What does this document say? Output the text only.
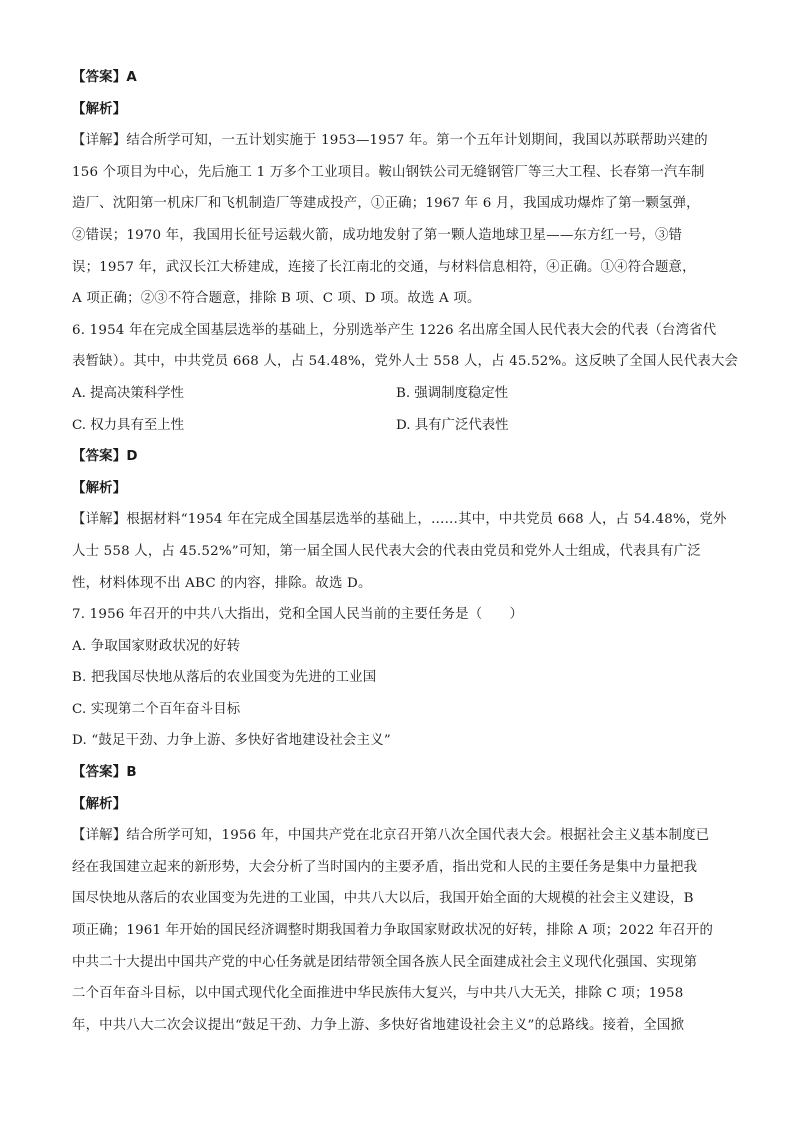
【答案】A
【解析】
【详解】结合所学可知，一五计划实施于 1953—1957 年。第一个五年计划期间，我国以苏联帮助兴建的
156 个项目为中心，先后施工 1 万多个工业项目。鞍山钢铁公司无缝钢管厂等三大工程、长春第一汽车制
造厂、沈阳第一机床厂和飞机制造厂等建成投产，①正确；1967 年 6 月，我国成功爆炸了第一颗氢弹，
②错误；1970 年，我国用长征号运载火箭，成功地发射了第一颗人造地球卫星——东方红一号，③错
误；1957 年，武汉长江大桥建成，连接了长江南北的交通，与材料信息相符，④正确。①④符合题意，
A 项正确；②③不符合题意，排除 B 项、C 项、D 项。故选 A 项。
6. 1954 年在完成全国基层选举的基础上，分别选举产生 1226 名出席全国人民代表大会的代表（台湾省代
表暂缺）。其中，中共党员 668 人，占 54.48%，党外人士 558 人，占 45.52%。这反映了全国人民代表大会
A. 提高决策科学性	B. 强调制度稳定性
C. 权力具有至上性	D. 具有广泛代表性
【答案】D
【解析】
【详解】根据材料“1954 年在完成全国基层选举的基础上，……其中，中共党员 668 人，占 54.48%，党外
人士 558 人，占 45.52%”可知，第一届全国人民代表大会的代表由党员和党外人士组成，代表具有广泛
性，材料体现不出 ABC 的内容，排除。故选 D。
7. 1956 年召开的中共八大指出，党和全国人民当前的主要任务是（　　）
A. 争取国家财政状况的好转
B. 把我国尽快地从落后的农业国变为先进的工业国
C. 实现第二个百年奋斗目标
D. “鼓足干劲、力争上游、多快好省地建设社会主义”
【答案】B
【解析】
【详解】结合所学可知，1956 年，中国共产党在北京召开第八次全国代表大会。根据社会主义基本制度已
经在我国建立起来的新形势，大会分析了当时国内的主要矛盾，指出党和人民的主要任务是集中力量把我
国尽快地从落后的农业国变为先进的工业国，中共八大以后，我国开始全面的大规模的社会主义建设，B
项正确；1961 年开始的国民经济调整时期我国着力争取国家财政状况的好转，排除 A 项；2022 年召开的
中共二十大提出中国共产党的中心任务就是团结带领全国各族人民全面建成社会主义现代化强国、实现第
二个百年奋斗目标，以中国式现代化全面推进中华民族伟大复兴，与中共八大无关，排除 C 项；1958
年，中共八大二次会议提出“鼓足干劲、力争上游、多快好省地建设社会主义”的总路线。接着，全国掀
